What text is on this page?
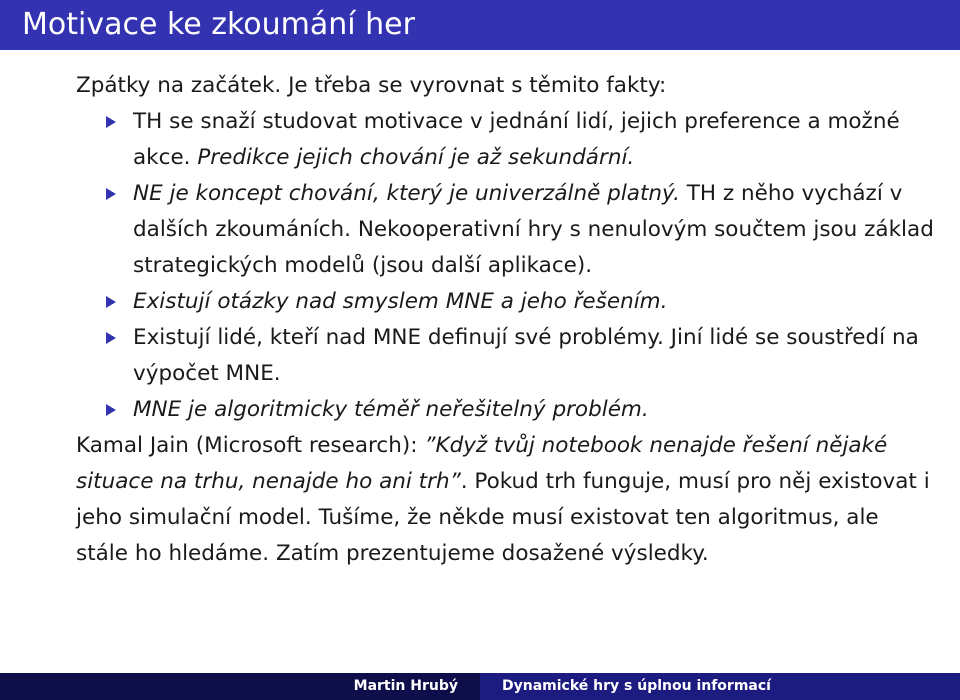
Motivace ke zkoumání her

Zpátky na začátek. Je třeba se vyrovnat s těmito fakty:

TH se snaží studovat motivace v jednání lidí, jejich preference a možné akce. Predikce jejich chování je až sekundární.
NE je koncept chování, který je univerzálně platný. TH z něho vychází v dalších zkoumáních. Nekooperativní hry s nenulovým součtem jsou základ strategických modelů (jsou další aplikace).
Existují otázky nad smyslem MNE a jeho řešením.
Existují lidé, kteří nad MNE definují své problémy. Jiní lidé se soustředí na výpočet MNE.
MNE je algoritmicky téměř neřešitelný problém.

Kamal Jain (Microsoft research): ”Když tvůj notebook nenajde řešení nějaké situace na trhu, nenajde ho ani trh”. Pokud trh funguje, musí pro něj existovat i jeho simulační model. Tušíme, že někde musí existovat ten algoritmus, ale stále ho hledáme. Zatím prezentujeme dosažené výsledky.

Martin Hrubý	Dynamické hry s úplnou informací
